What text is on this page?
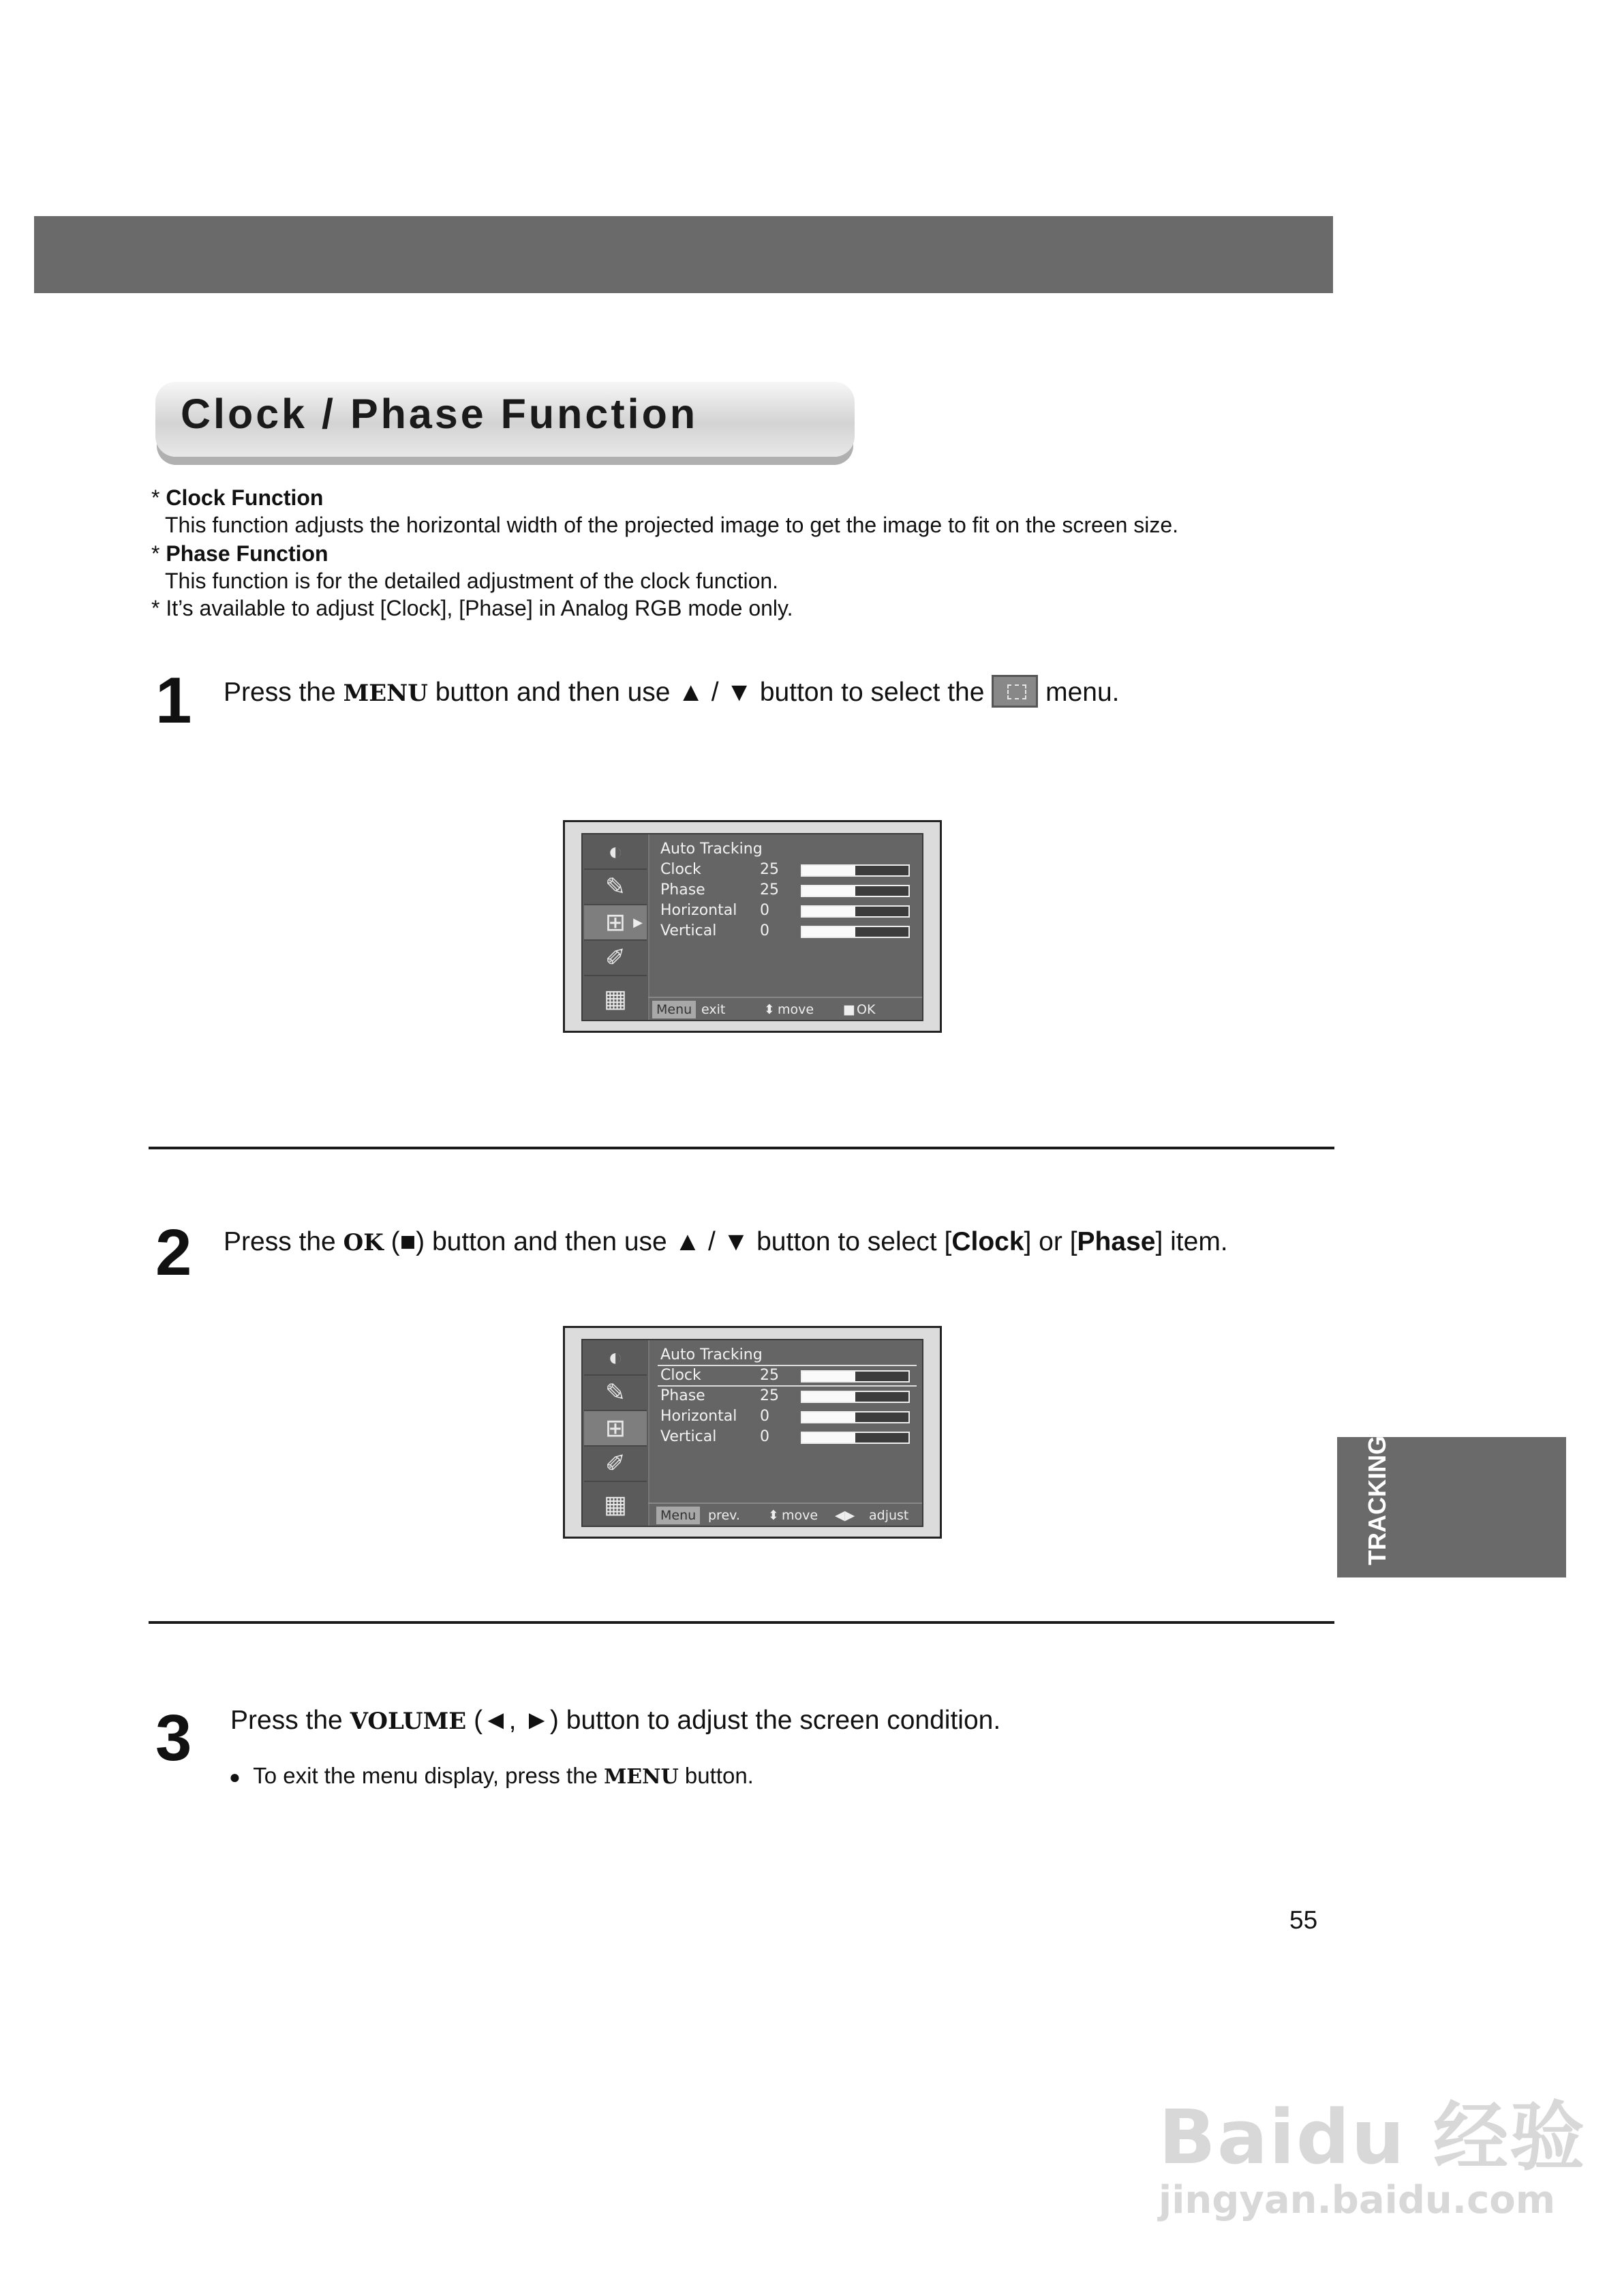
Clock / Phase Function
* Clock Function
This function adjusts the horizontal width of the projected image to get the image to fit on the screen size.
* Phase Function
This function is for the detailed adjustment of the clock function.
* It’s available to adjust [Clock], [Phase] in Analog RGB mode only.
1 Press the MENU button and then use ▲ / ▼ button to select the  menu.
◐
✎
⊞ ▶
✐
▦
Auto Tracking
Clock	25
Phase	25
Horizontal 0
Vertical	0
Menu exit	⬍ move ■ OK
2 Press the OK (■) button and then use ▲ / ▼ button to select [Clock] or [Phase] item.
◐
✎
⊞
✐
▦
Auto Tracking
Clock	25
Phase	25
Horizontal 0
Vertical	0
Menu prev. ⬍ move ◀▶ adjust
3 Press the VOLUME (◄, ►) button to adjust the screen condition.
● To exit the menu display, press the MENU button.
TRACKING
55
Baidu 经验
jingyan.baidu.com
